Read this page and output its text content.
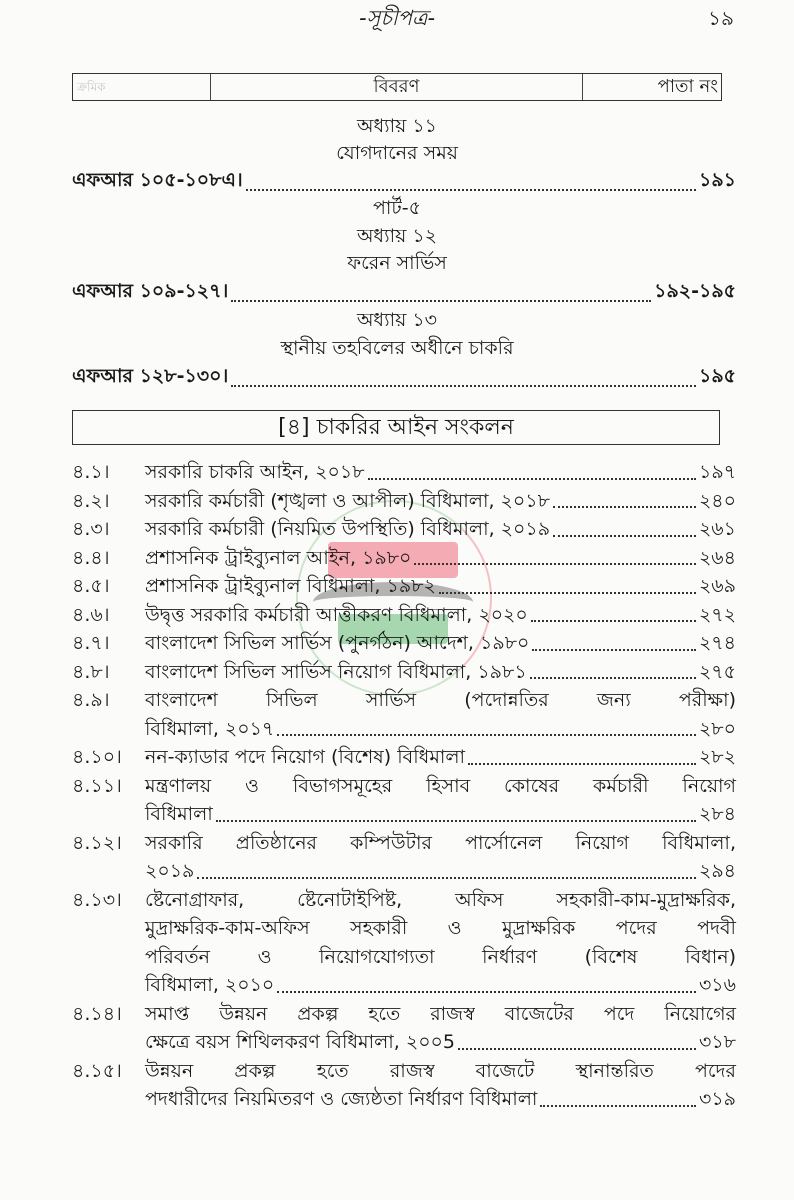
-সূচীপত্র-	১৯
ক্রমিক	বিবরণ	পাতা নং
অধ্যায় ১১
যোগদানের সময়
এফআর ১০৫-১০৮এ।	১৯১
পার্ট-৫
অধ্যায় ১২
ফরেন সার্ভিস
এফআর ১০৯-১২৭।	১৯২-১৯৫
অধ্যায় ১৩
স্থানীয় তহবিলের অধীনে চাকরি
এফআর ১২৮-১৩০।	১৯৫
[৪] চাকরির আইন সংকলন
৪.১।	সরকারি চাকরি আইন, ২০১৮	১৯৭
৪.২।	সরকারি কর্মচারী (শৃঙ্খলা ও আপীল) বিধিমালা, ২০১৮	২৪০
৪.৩।	সরকারি কর্মচারী (নিয়মিত উপস্থিতি) বিধিমালা, ২০১৯	২৬১
৪.৪।	প্রশাসনিক ট্রাইব্যুনাল আইন, ১৯৮০	২৬৪
৪.৫।	প্রশাসনিক ট্রাইব্যুনাল বিধিমালা, ১৯৮২	২৬৯
৪.৬।	উদ্বৃত্ত সরকারি কর্মচারী আত্তীকরণ বিধিমালা, ২০২০	২৭২
৪.৭।	বাংলাদেশ সিভিল সার্ভিস (পুনর্গঠন) আদেশ, ১৯৮০	২৭৪
৪.৮।	বাংলাদেশ সিভিল সার্ভিস নিয়োগ বিধিমালা, ১৯৮১	২৭৫
৪.৯।	বাংলাদেশ সিভিল সার্ভিস (পদোন্নতির জন্য পরীক্ষা)
বিধিমালা, ২০১৭	২৮০
৪.১০।	নন-ক্যাডার পদে নিয়োগ (বিশেষ) বিধিমালা	২৮২
৪.১১।	মন্ত্রণালয় ও বিভাগসমূহের হিসাব কোষের কর্মচারী নিয়োগ
বিধিমালা	২৮৪
৪.১২।	সরকারি প্রতিষ্ঠানের কম্পিউটার পার্সোনেল নিয়োগ বিধিমালা,
২০১৯	২৯৪
৪.১৩।	ষ্টেনোগ্রাফার, ষ্টেনোটাইপিষ্ট, অফিস সহকারী-কাম-মুদ্রাক্ষরিক,
মুদ্রাক্ষরিক-কাম-অফিস সহকারী ও মুদ্রাক্ষরিক পদের পদবী
পরিবর্তন ও নিয়োগযোগ্যতা নির্ধারণ (বিশেষ বিধান)
বিধিমালা, ২০১০	৩১৬
৪.১৪।	সমাপ্ত উন্নয়ন প্রকল্প হতে রাজস্ব বাজেটের পদে নিয়োগের
ক্ষেত্রে বয়স শিথিলকরণ বিধিমালা, ২০০5	৩১৮
৪.১৫।	উন্নয়ন প্রকল্প হতে রাজস্ব বাজেটে স্থানান্তরিত পদের
পদধারীদের নিয়মিতরণ ও জ্যেষ্ঠতা নির্ধারণ বিধিমালা	৩১৯
